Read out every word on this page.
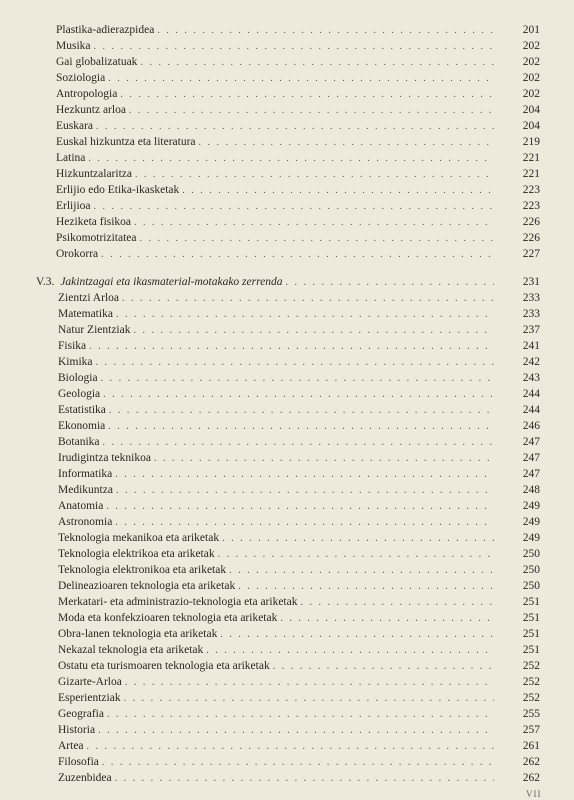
Plastika-adierazpidea . . .	201
Musika . . .	202
Gai globalizatuak . . .	202
Soziologia . . .	202
Antropologia . . .	202
Hezkuntz arloa . . .	204
Euskara . . .	204
Euskal hizkuntza eta literatura . . .	219
Latina . . .	221
Hizkuntzalaritza . . .	221
Erlijio edo Etika-ikasketak . . .	223
Erlijioa . . .	223
Heziketa fisikoa . . .	226
Psikomotrizitatea . . .	226
Orokorra . . .	227
V.3. Jakintzagai eta ikasmaterial-motakako zerrenda . . .	231
Zientzi Arloa . . .	233
Matematika . . .	233
Natur Zientziak . . .	237
Fisika . . .	241
Kimika . . .	242
Biologia . . .	243
Geologia . . .	244
Estatistika . . .	244
Ekonomia . . .	246
Botanika . . .	247
Irudigintza teknikoa . . .	247
Informatika . . .	247
Medikuntza . . .	248
Anatomia . . .	249
Astronomia . . .	249
Teknologia mekanikoa eta ariketak . . .	249
Teknologia elektrikoa eta ariketak . . .	250
Teknologia elektronikoa eta ariketak . . .	250
Delineazioaren teknologia eta ariketak . . .	250
Merkatari- eta administrazio-teknologia eta ariketak . . .	251
Moda eta konfekzioaren teknologia eta ariketak . . .	251
Obra-lanen teknologia eta ariketak . . .	251
Nekazal teknologia eta ariketak . . .	251
Ostatu eta turismoaren teknologia eta ariketak . . .	252
Gizarte-Arloa . . .	252
Esperientziak . . .	252
Geografia . . .	255
Historia . . .	257
Artea . . .	261
Filosofia . . .	262
Zuzenbidea . . .	262
VII
